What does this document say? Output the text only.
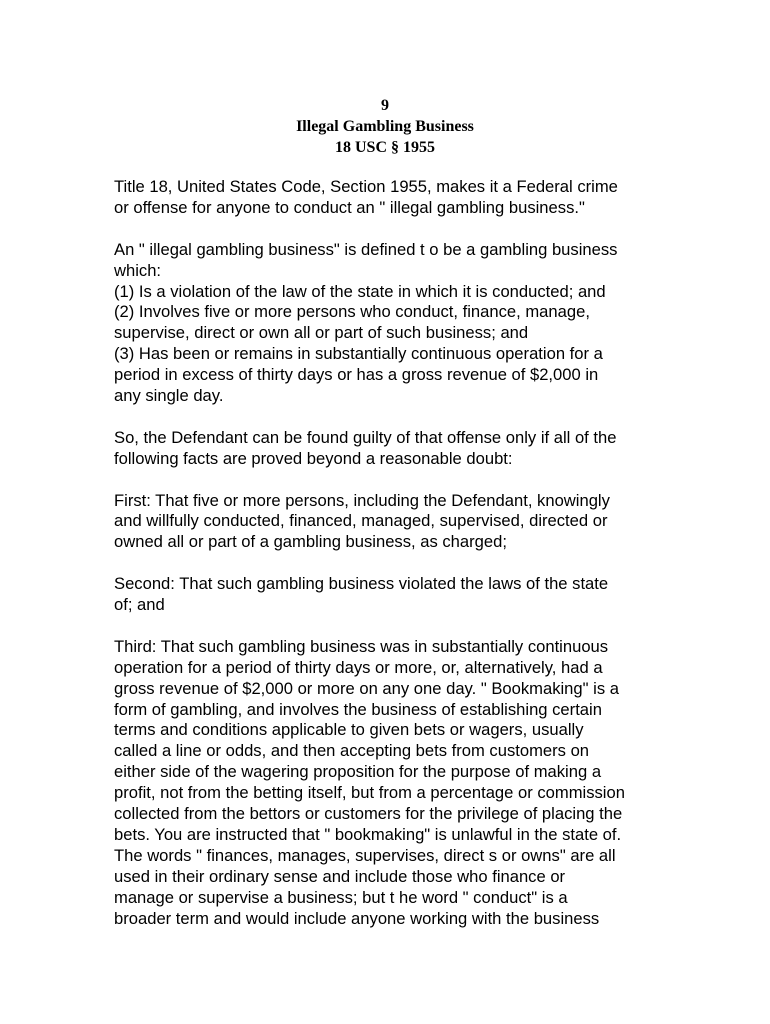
9
Illegal Gambling Business
18 USC § 1955

Title 18, United States Code, Section 1955, makes it a Federal crime
or offense for anyone to conduct an " illegal gambling business."

An " illegal gambling business" is defined t o be a gambling business
which:
(1) Is a violation of the law of the state in which it is conducted; and
(2) Involves five or more persons who conduct, finance, manage,
supervise, direct or own all or part of such business; and
(3) Has been or remains in substantially continuous operation for a
period in excess of thirty days or has a gross revenue of $2,000 in
any single day.

So, the Defendant can be found guilty of that offense only if all of the
following facts are proved beyond a reasonable doubt:

First: That five or more persons, including the Defendant, knowingly
and willfully conducted, financed, managed, supervised, directed or
owned all or part of a gambling business, as charged;

Second: That such gambling business violated the laws of the state
of; and

Third: That such gambling business was in substantially continuous
operation for a period of thirty days or more, or, alternatively, had a
gross revenue of $2,000 or more on any one day. " Bookmaking" is a
form of gambling, and involves the business of establishing certain
terms and conditions applicable to given bets or wagers, usually
called a line or odds, and then accepting bets from customers on
either side of the wagering proposition for the purpose of making a
profit, not from the betting itself, but from a percentage or commission
collected from the bettors or customers for the privilege of placing the
bets. You are instructed that " bookmaking" is unlawful in the state of.
The words " finances, manages, supervises, direct s or owns" are all
used in their ordinary sense and include those who finance or
manage or supervise a business; but t he word " conduct" is a
broader term and would include anyone working with the business
